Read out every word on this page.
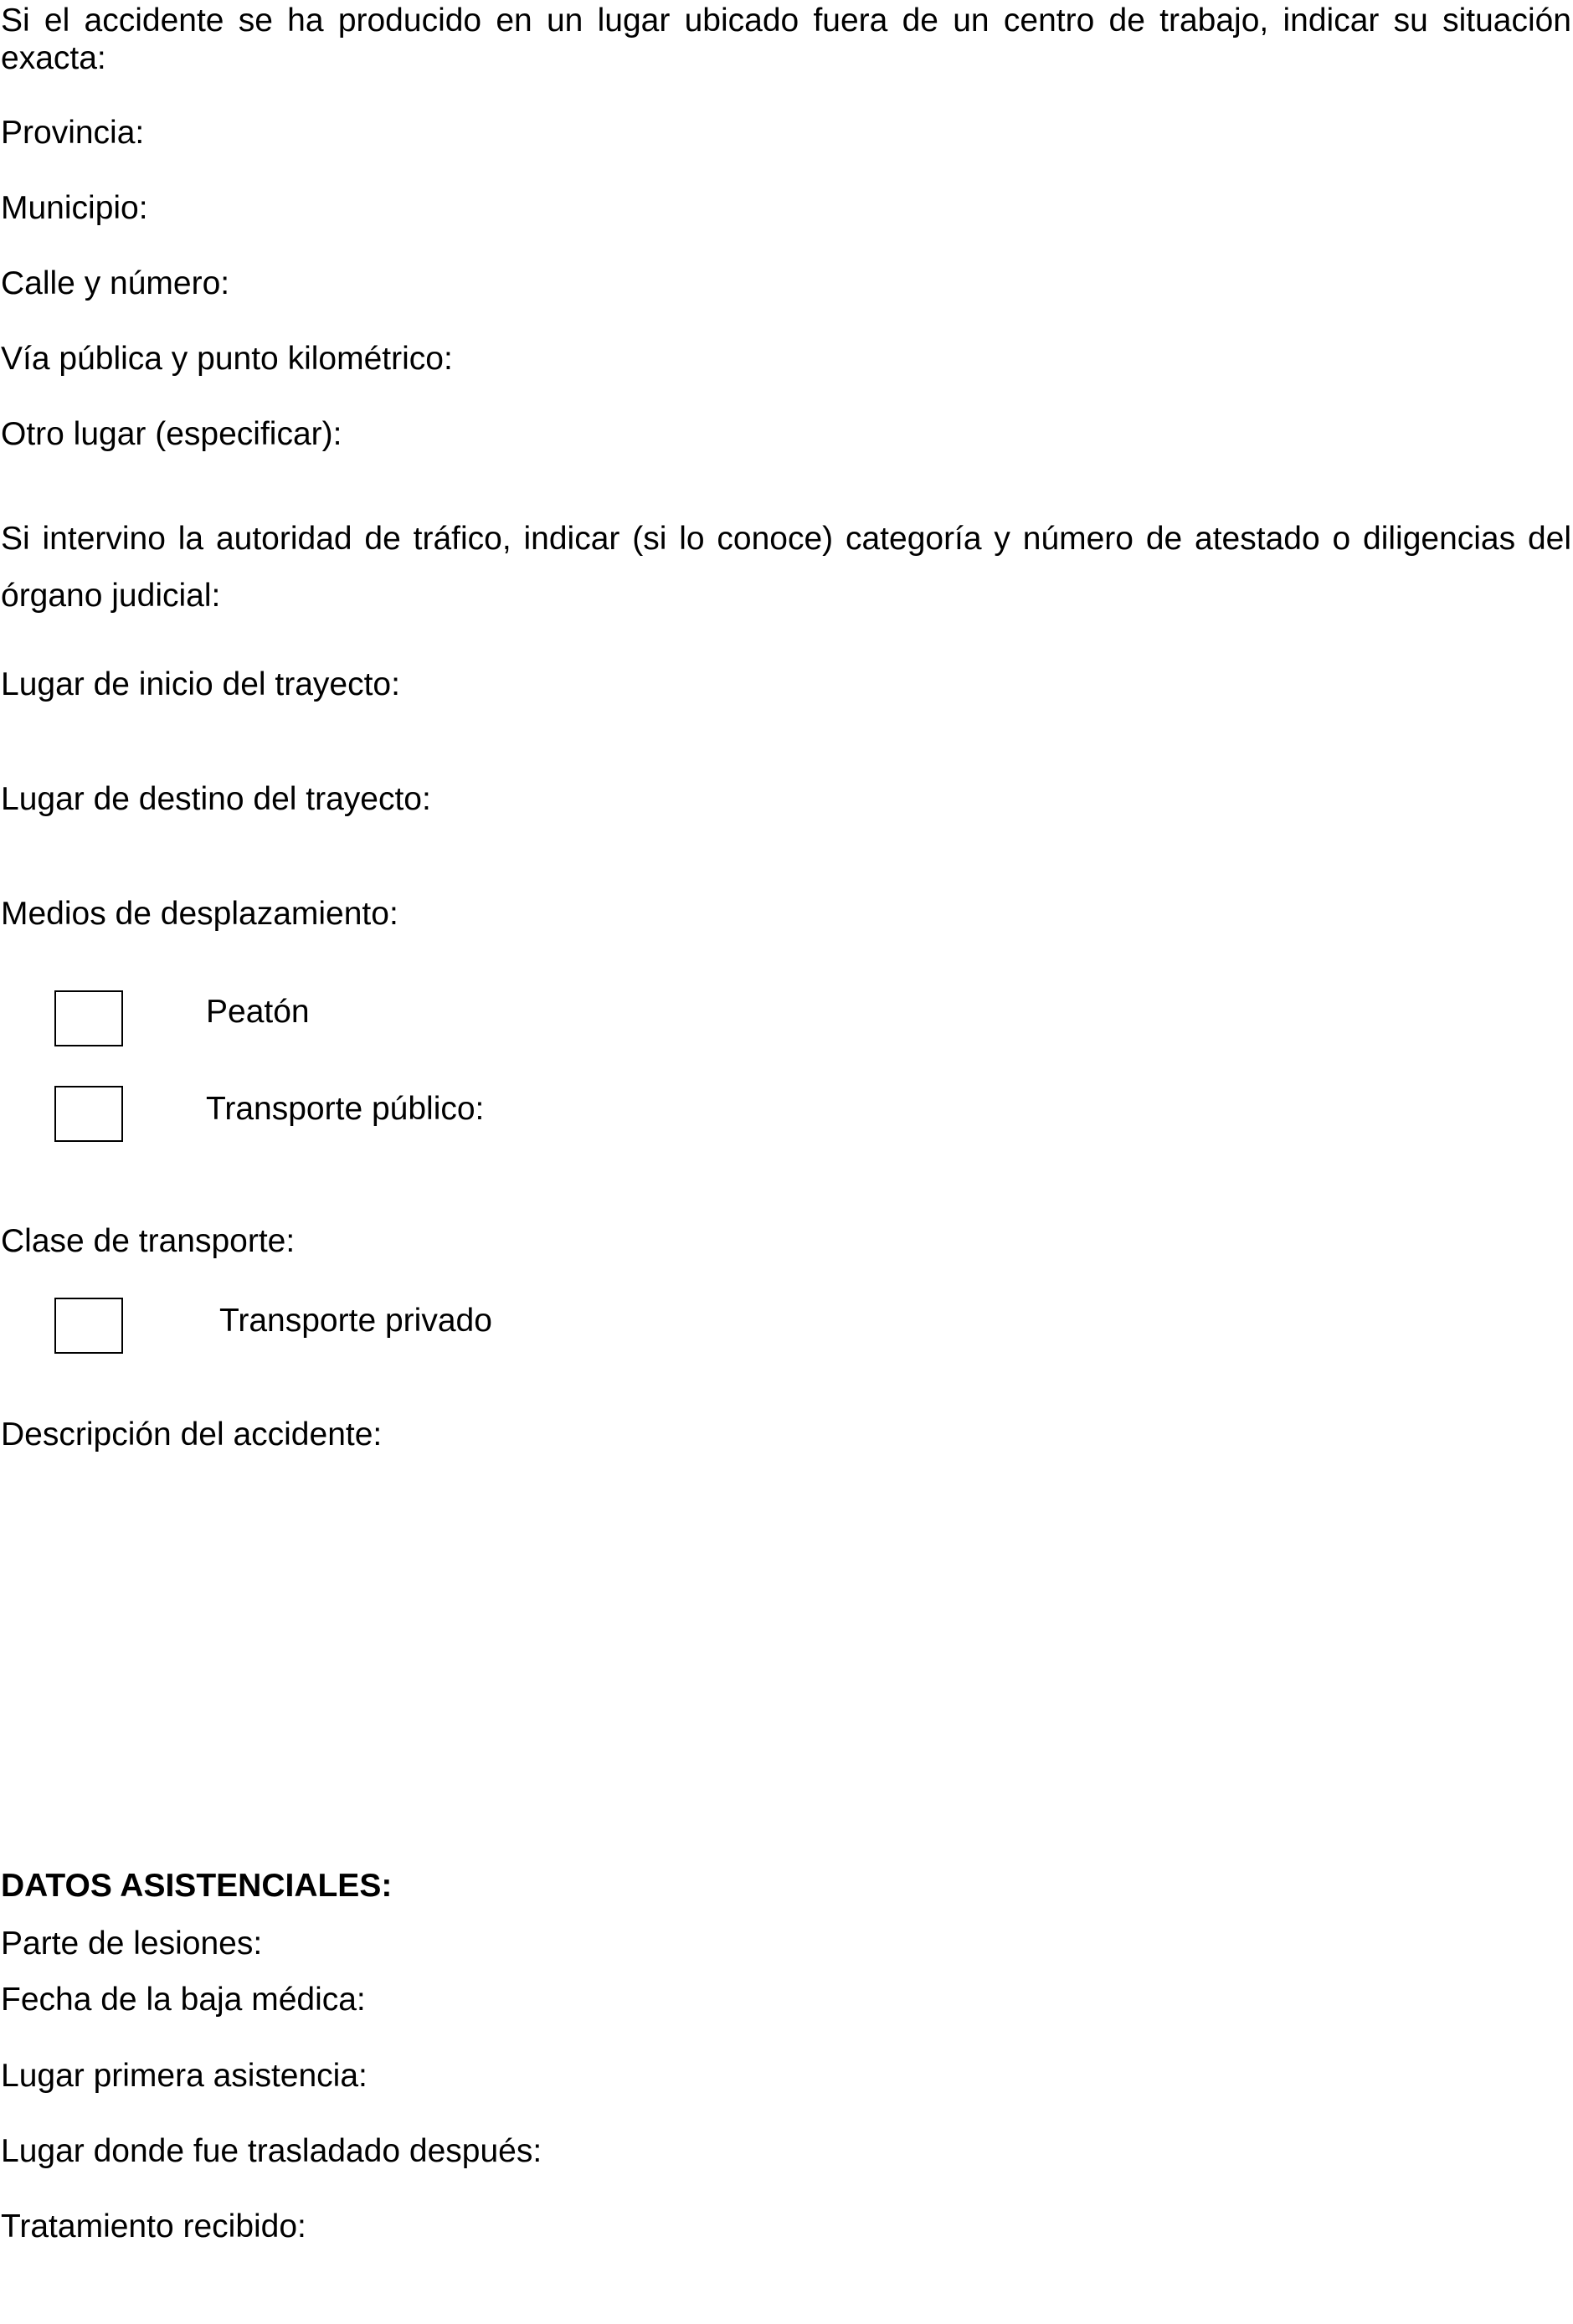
Si el accidente se ha producido en un lugar ubicado fuera de un centro de trabajo, indicar su situación exacta:
Provincia:
Municipio:
Calle y número:
Vía pública y punto kilométrico:
Otro lugar (especificar):
Si intervino la autoridad de tráfico, indicar (si lo conoce) categoría y número de atestado o diligencias del órgano judicial:
Lugar de inicio del trayecto:
Lugar de destino del trayecto:
Medios de desplazamiento:
Peatón
Transporte público:
Clase de transporte:
Transporte privado
Descripción del accidente:
DATOS ASISTENCIALES:
Parte de lesiones:
Fecha de la baja médica:
Lugar primera asistencia:
Lugar donde fue trasladado después:
Tratamiento recibido:
